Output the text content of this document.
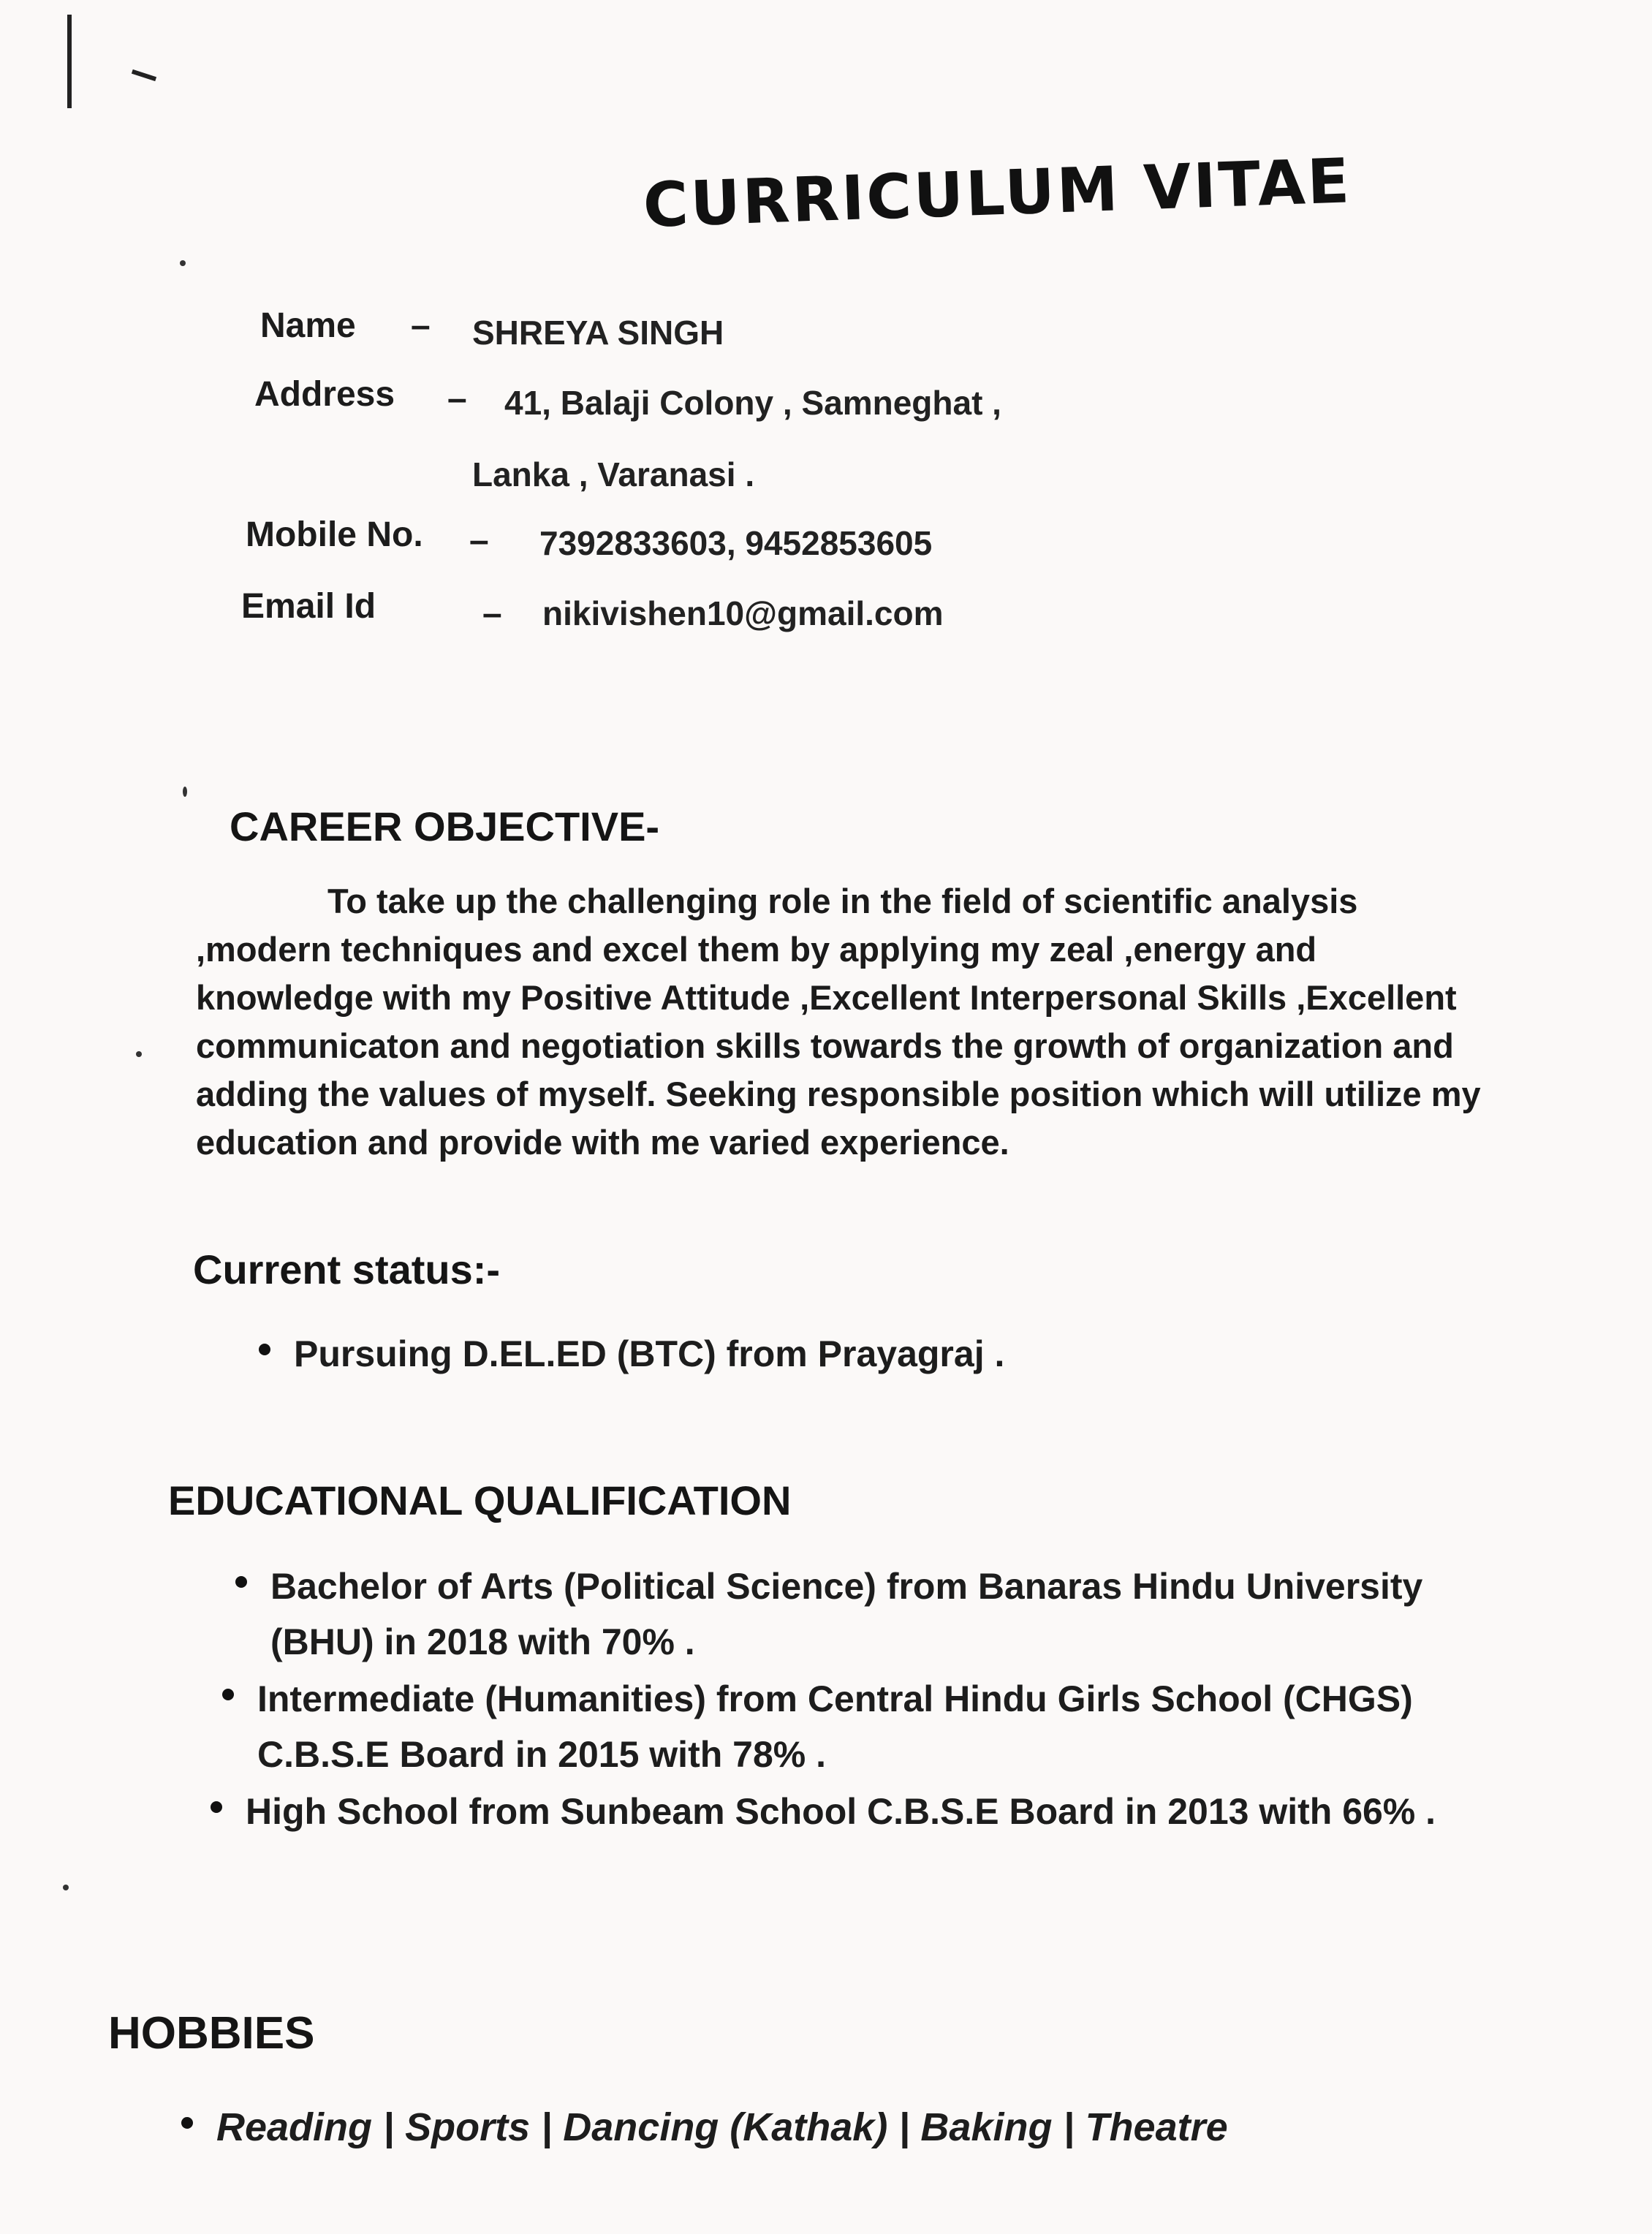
CURRICULUM VITAE
Name – SHREYA SINGH
Address – 41, Balaji Colony , Samneghat ,
Lanka , Varanasi .
Mobile No. – 7392833603, 9452853605
Email Id	– nikivishen10@gmail.com
CAREER OBJECTIVE-
To take up the challenging role in the field of scientific analysis ,modern techniques and excel them by applying my zeal ,energy and knowledge with my Positive Attitude ,Excellent Interpersonal Skills ,Excellent communicaton and negotiation skills towards the growth of organization and adding the values of myself. Seeking responsible position which will utilize my education and provide with me varied experience.
Current status:-
Pursuing D.EL.ED (BTC) from Prayagraj .
EDUCATIONAL QUALIFICATION
Bachelor of Arts (Political Science) from Banaras Hindu University (BHU) in 2018 with 70% .
Intermediate (Humanities) from Central Hindu Girls School (CHGS) C.B.S.E Board in 2015 with 78% .
High School from Sunbeam School C.B.S.E Board in 2013 with 66% .
HOBBIES
Reading | Sports | Dancing (Kathak) | Baking | Theatre
